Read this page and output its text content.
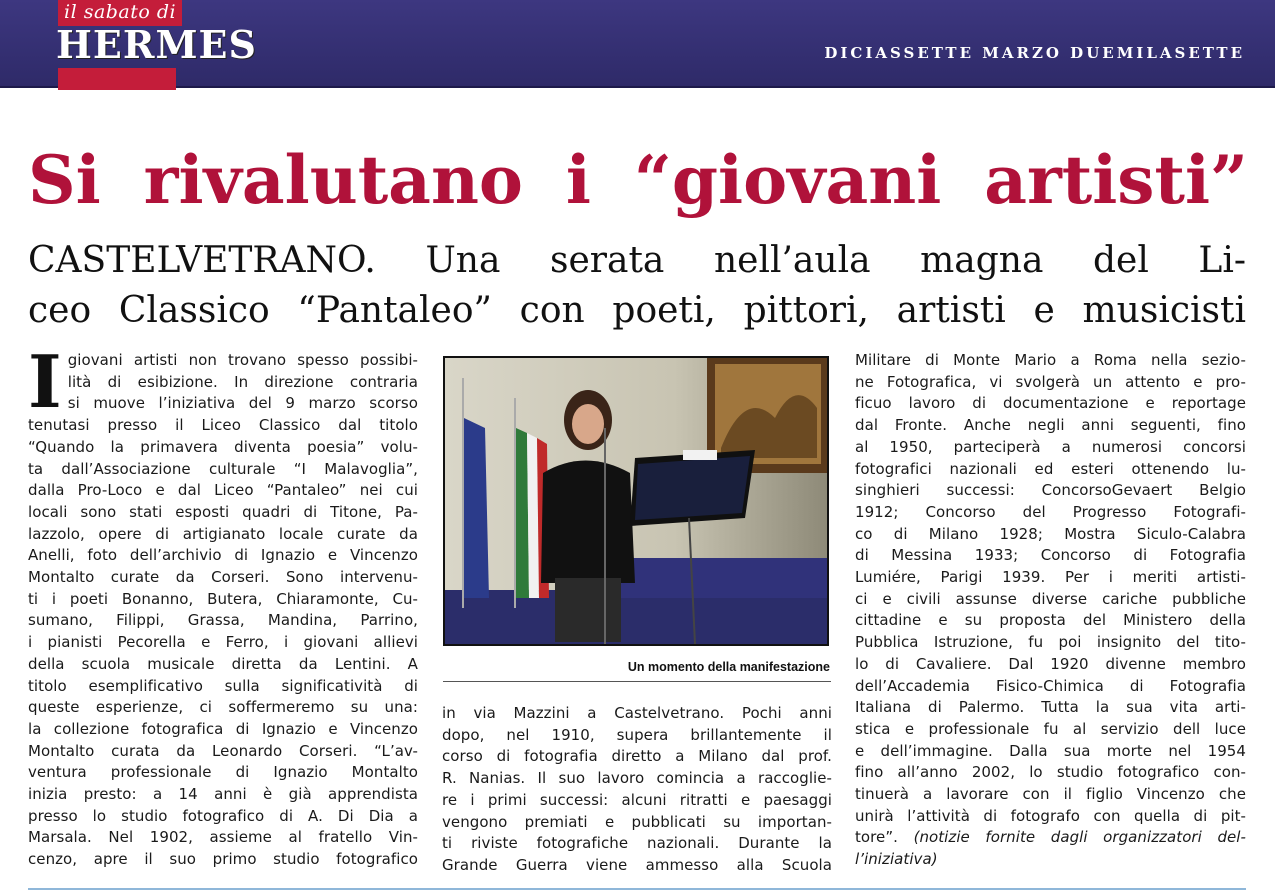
il sabato di
HERMES	DICIASSETTE MARZO DUEMILASETTE
Si rivalutano i “giovani artisti”
CASTELVETRANO. Una serata nell’aula magna del Li-
ceo Classico “Pantaleo” con poeti, pittori, artisti e musicisti
I giovani artisti non trovano spesso possibi-
lità di esibizione. In direzione contraria
si muove l’iniziativa del 9 marzo scorso
tenutasi presso il Liceo Classico dal titolo
“Quando la primavera diventa poesia” volu-
ta dall’Associazione culturale “I Malavoglia”,
dalla Pro-Loco e dal Liceo “Pantaleo” nei cui
locali sono stati esposti quadri di Titone, Pa-
lazzolo, opere di artigianato locale curate da
Anelli, foto dell’archivio di Ignazio e Vincenzo
Montalto curate da Corseri. Sono intervenu-
ti i poeti Bonanno, Butera, Chiaramonte, Cu-
sumano, Filippi, Grassa, Mandina, Parrino,
i pianisti Pecorella e Ferro, i giovani allievi
della scuola musicale diretta da Lentini. A
titolo esemplificativo sulla significatività di
queste esperienze, ci soffermeremo su una:
la collezione fotografica di Ignazio e Vincenzo
Montalto curata da Leonardo Corseri. “L’av-
ventura professionale di Ignazio Montalto
inizia presto: a 14 anni è già apprendista
presso lo studio fotografico di A. Di Dia a
Marsala. Nel 1902, assieme al fratello Vin-
cenzo, apre il suo primo studio fotografico
Un momento della manifestazione
in via Mazzini a Castelvetrano. Pochi anni
dopo, nel 1910, supera brillantemente il
corso di fotografia diretto a Milano dal prof.
R. Nanias. Il suo lavoro comincia a raccoglie-
re i primi successi: alcuni ritratti e paesaggi
vengono premiati e pubblicati su importan-
ti riviste fotografiche nazionali. Durante la
Grande Guerra viene ammesso alla Scuola
Militare di Monte Mario a Roma nella sezio-
ne Fotografica, vi svolgerà un attento e pro-
ficuo lavoro di documentazione e reportage
dal Fronte. Anche negli anni seguenti, fino
al 1950, parteciperà a numerosi concorsi
fotografici nazionali ed esteri ottenendo lu-
singhieri successi: ConcorsoGevaert Belgio
1912; Concorso del Progresso Fotografi-
co di Milano 1928; Mostra Siculo-Calabra
di Messina 1933; Concorso di Fotografia
Lumiére, Parigi 1939. Per i meriti artisti-
ci e civili assunse diverse cariche pubbliche
cittadine e su proposta del Ministero della
Pubblica Istruzione, fu poi insignito del tito-
lo di Cavaliere. Dal 1920 divenne membro
dell’Accademia Fisico-Chimica di Fotografia
Italiana di Palermo. Tutta la sua vita arti-
stica e professionale fu al servizio dell luce
e dell’immagine. Dalla sua morte nel 1954
fino all’anno 2002, lo studio fotografico con-
tinuerà a lavorare con il figlio Vincenzo che
unirà l’attività di fotografo con quella di pit-
tore”. (notizie fornite dagli organizzatori del-
l’iniziativa)
